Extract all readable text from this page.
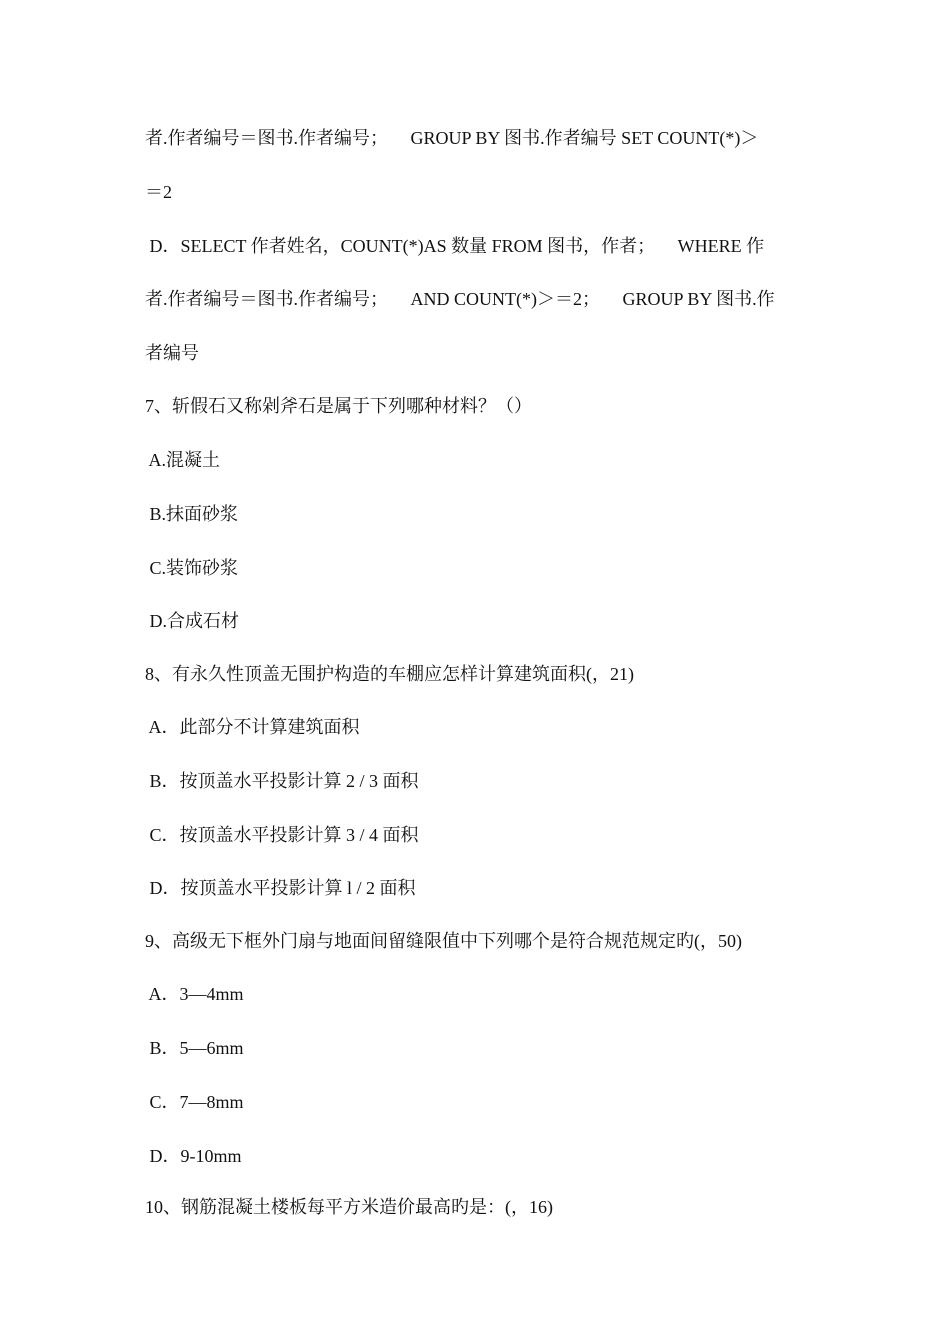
者.作者编号＝图书.作者编号；     GROUP BY 图书.作者编号 SET COUNT(*)＞
＝2
D．SELECT 作者姓名，COUNT(*)AS 数量 FROM 图书，作者；     WHERE 作
者.作者编号＝图书.作者编号；     AND COUNT(*)＞＝2；     GROUP BY 图书.作
者编号
7、斩假石又称剁斧石是属于下列哪种材料？（）
A.混凝土
B.抹面砂浆
C.装饰砂浆
D.合成石材
8、有永久性顶盖无围护构造的车棚应怎样计算建筑面积(，21)
A．此部分不计算建筑面积
B．按顶盖水平投影计算 2 / 3 面积
C．按顶盖水平投影计算 3 / 4 面积
D．按顶盖水平投影计算 l / 2 面积
9、高级无下框外门扇与地面间留缝限值中下列哪个是符合规范规定旳(，50)
A．3—4mm
B．5—6mm
C．7—8mm
D．9-10mm
10、钢筋混凝土楼板每平方米造价最高旳是：(，16)
